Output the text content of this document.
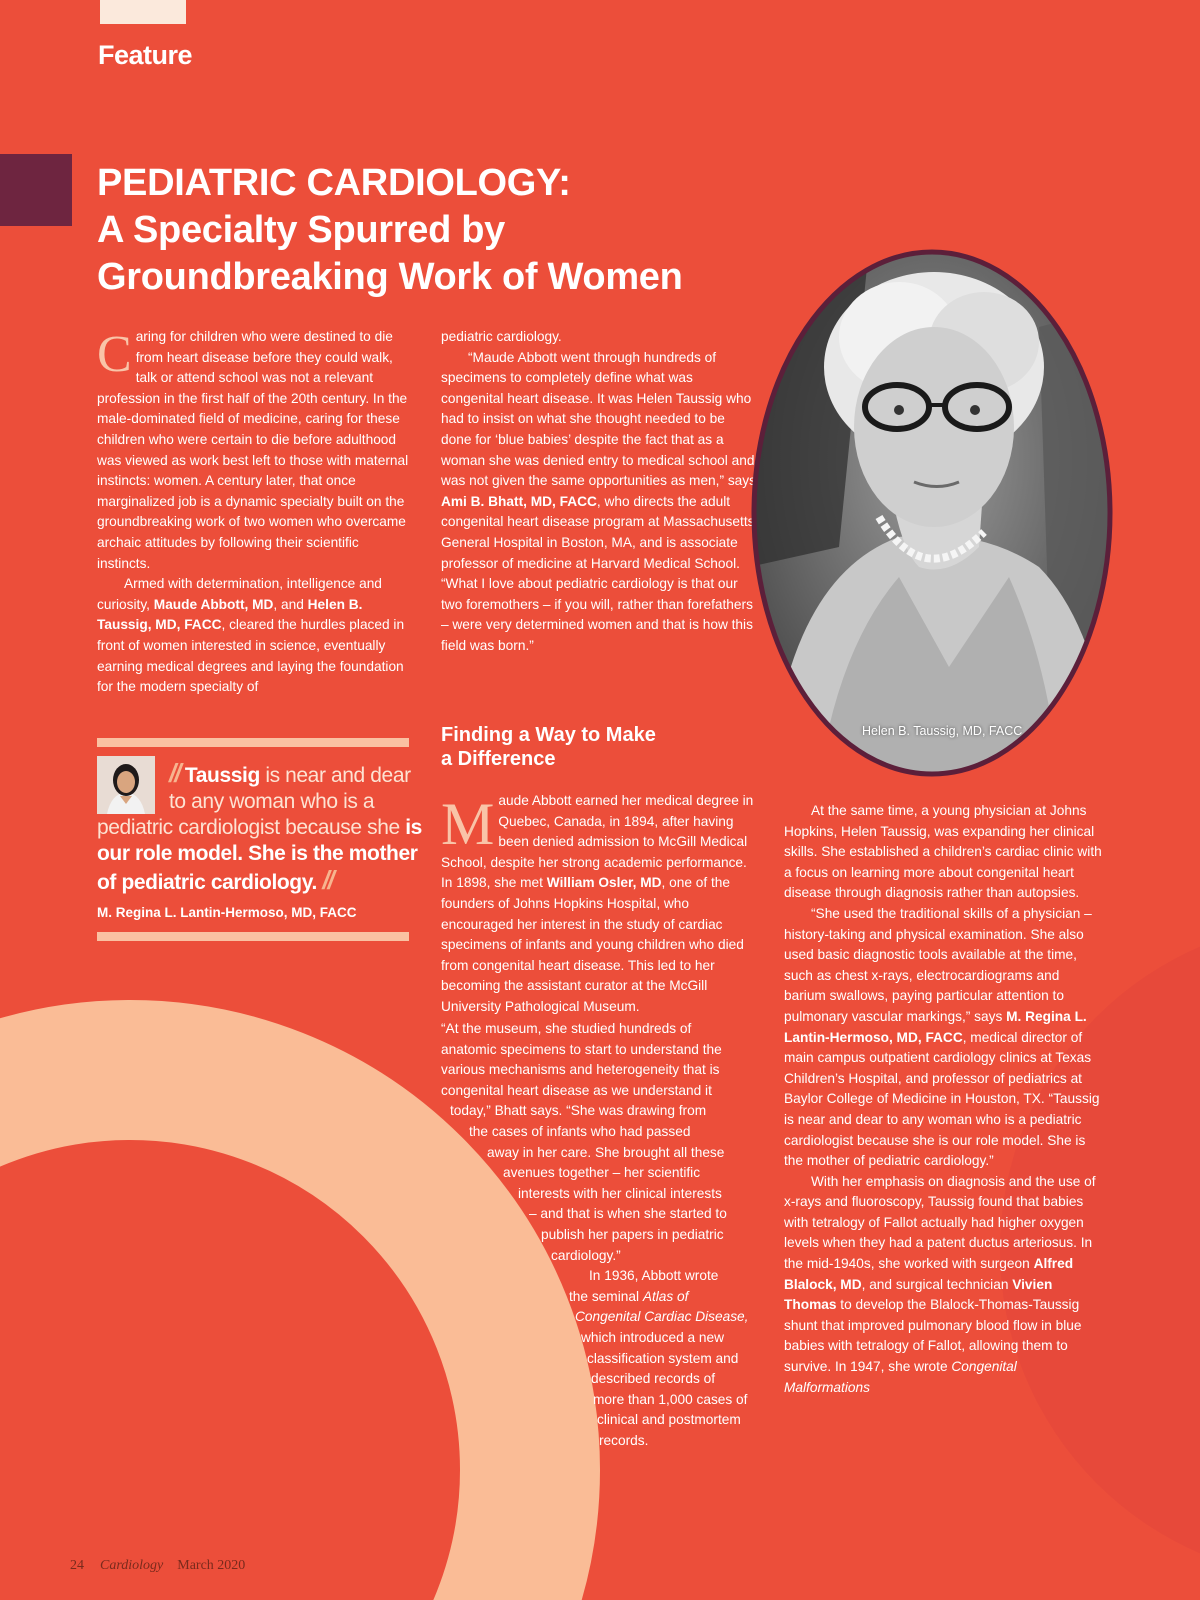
Feature
PEDIATRIC CARDIOLOGY:
A Specialty Spurred by
Groundbreaking Work of Women

Caring for children who were destined to die from heart disease before they could walk, talk or attend school was not a relevant profession in the first half of the 20th century. In the male-dominated field of medicine, caring for these children who were certain to die before adulthood was viewed as work best left to those with maternal instincts: women. A century later, that once marginalized job is a dynamic specialty built on the groundbreaking work of two women who overcame archaic attitudes by following their scientific instincts.

Armed with determination, intelligence and curiosity, Maude Abbott, MD, and Helen B. Taussig, MD, FACC, cleared the hurdles placed in front of women interested in science, eventually earning medical degrees and laying the foundation for the modern specialty of

pediatric cardiology.

“Maude Abbott went through hundreds of specimens to completely define what was congenital heart disease. It was Helen Taussig who had to insist on what she thought needed to be done for ‘blue babies’ despite the fact that as a woman she was denied entry to medical school and was not given the same opportunities as men,” says Ami B. Bhatt, MD, FACC, who directs the adult congenital heart disease program at Massachusetts General Hospital in Boston, MA, and is associate professor of medicine at Harvard Medical School. “What I love about pediatric cardiology is that our two foremothers – if you will, rather than forefathers – were very determined women and that is how this field was born.”

Finding a Way to Make
a Difference

Maude Abbott earned her medical degree in Quebec, Canada, in 1894, after having been denied admission to McGill Medical School, despite her strong academic performance. In 1898, she met William Osler, MD, one of the founders of Johns Hopkins Hospital, who encouraged her interest in the study of cardiac specimens of infants and young children who died from congenital heart disease. This led to her becoming the assistant curator at the McGill University Pathological Museum.

“At the museum, she studied hundreds of
anatomic specimens to start to understand the
various mechanisms and heterogeneity that is
congenital heart disease as we understand it
today,” Bhatt says. “She was drawing from
the cases of infants who had passed
away in her care. She brought all these
avenues together – her scientific
interests with her clinical interests
– and that is when she started to
publish her papers in pediatric
cardiology.”
In 1936, Abbott wrote
the seminal Atlas of
Congenital Cardiac Disease,
which introduced a new
classification system and
described records of
more than 1,000 cases of
clinical and postmortem
records.

At the same time, a young physician at Johns Hopkins, Helen Taussig, was expanding her clinical skills. She established a children’s cardiac clinic with a focus on learning more about congenital heart disease through diagnosis rather than autopsies.

“She used the traditional skills of a physician – history-taking and physical examination. She also used basic diagnostic tools available at the time, such as chest x-rays, electrocardiograms and barium swallows, paying particular attention to pulmonary vascular markings,” says M. Regina L. Lantin-Hermoso, MD, FACC, medical director of main campus outpatient cardiology clinics at Texas Children’s Hospital, and professor of pediatrics at Baylor College of Medicine in Houston, TX. “Taussig is near and dear to any woman who is a pediatric cardiologist because she is our role model. She is the mother of pediatric cardiology.”

With her emphasis on diagnosis and the use of x-rays and fluoroscopy, Taussig found that babies with tetralogy of Fallot actually had higher oxygen levels when they had a patent ductus arteriosus. In the mid-1940s, she worked with surgeon Alfred Blalock, MD, and surgical technician Vivien Thomas to develop the Blalock-Thomas-Taussig shunt that improved pulmonary blood flow in blue babies with tetralogy of Fallot, allowing them to survive. In 1947, she wrote Congenital Malformations

// Taussig is near and dear
to any woman who is a
pediatric cardiologist because she is
our role model. She is the mother
of pediatric cardiology. //
M. Regina L. Lantin-Hermoso, MD, FACC
Helen B. Taussig, MD, FACC
24 Cardiology March 2020
